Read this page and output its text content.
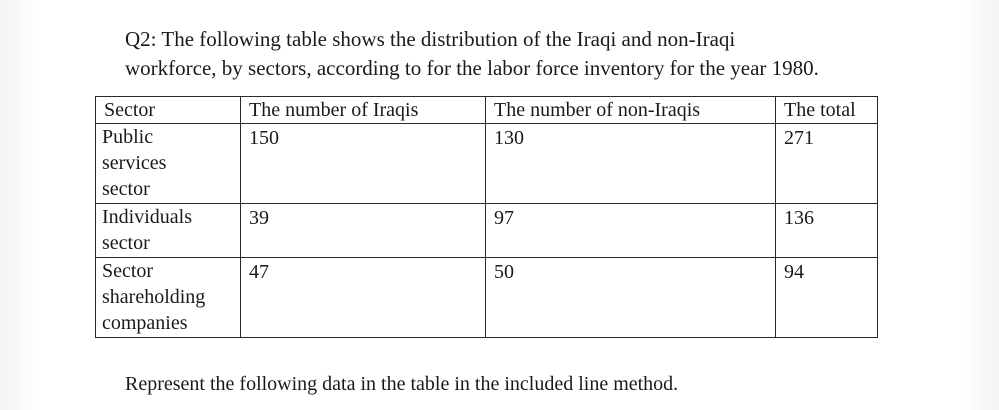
Q2: The following table shows the distribution of the Iraqi and non-Iraqi
workforce, by sectors, according to for the labor force inventory for the year 1980.
Sector	The number of Iraqis	The number of non-Iraqis	The total

Public
services
sector	150	130	271

Individuals
sector	39	97	136

Sector
shareholding
companies	47	50	94
Represent the following data in the table in the included line method.
